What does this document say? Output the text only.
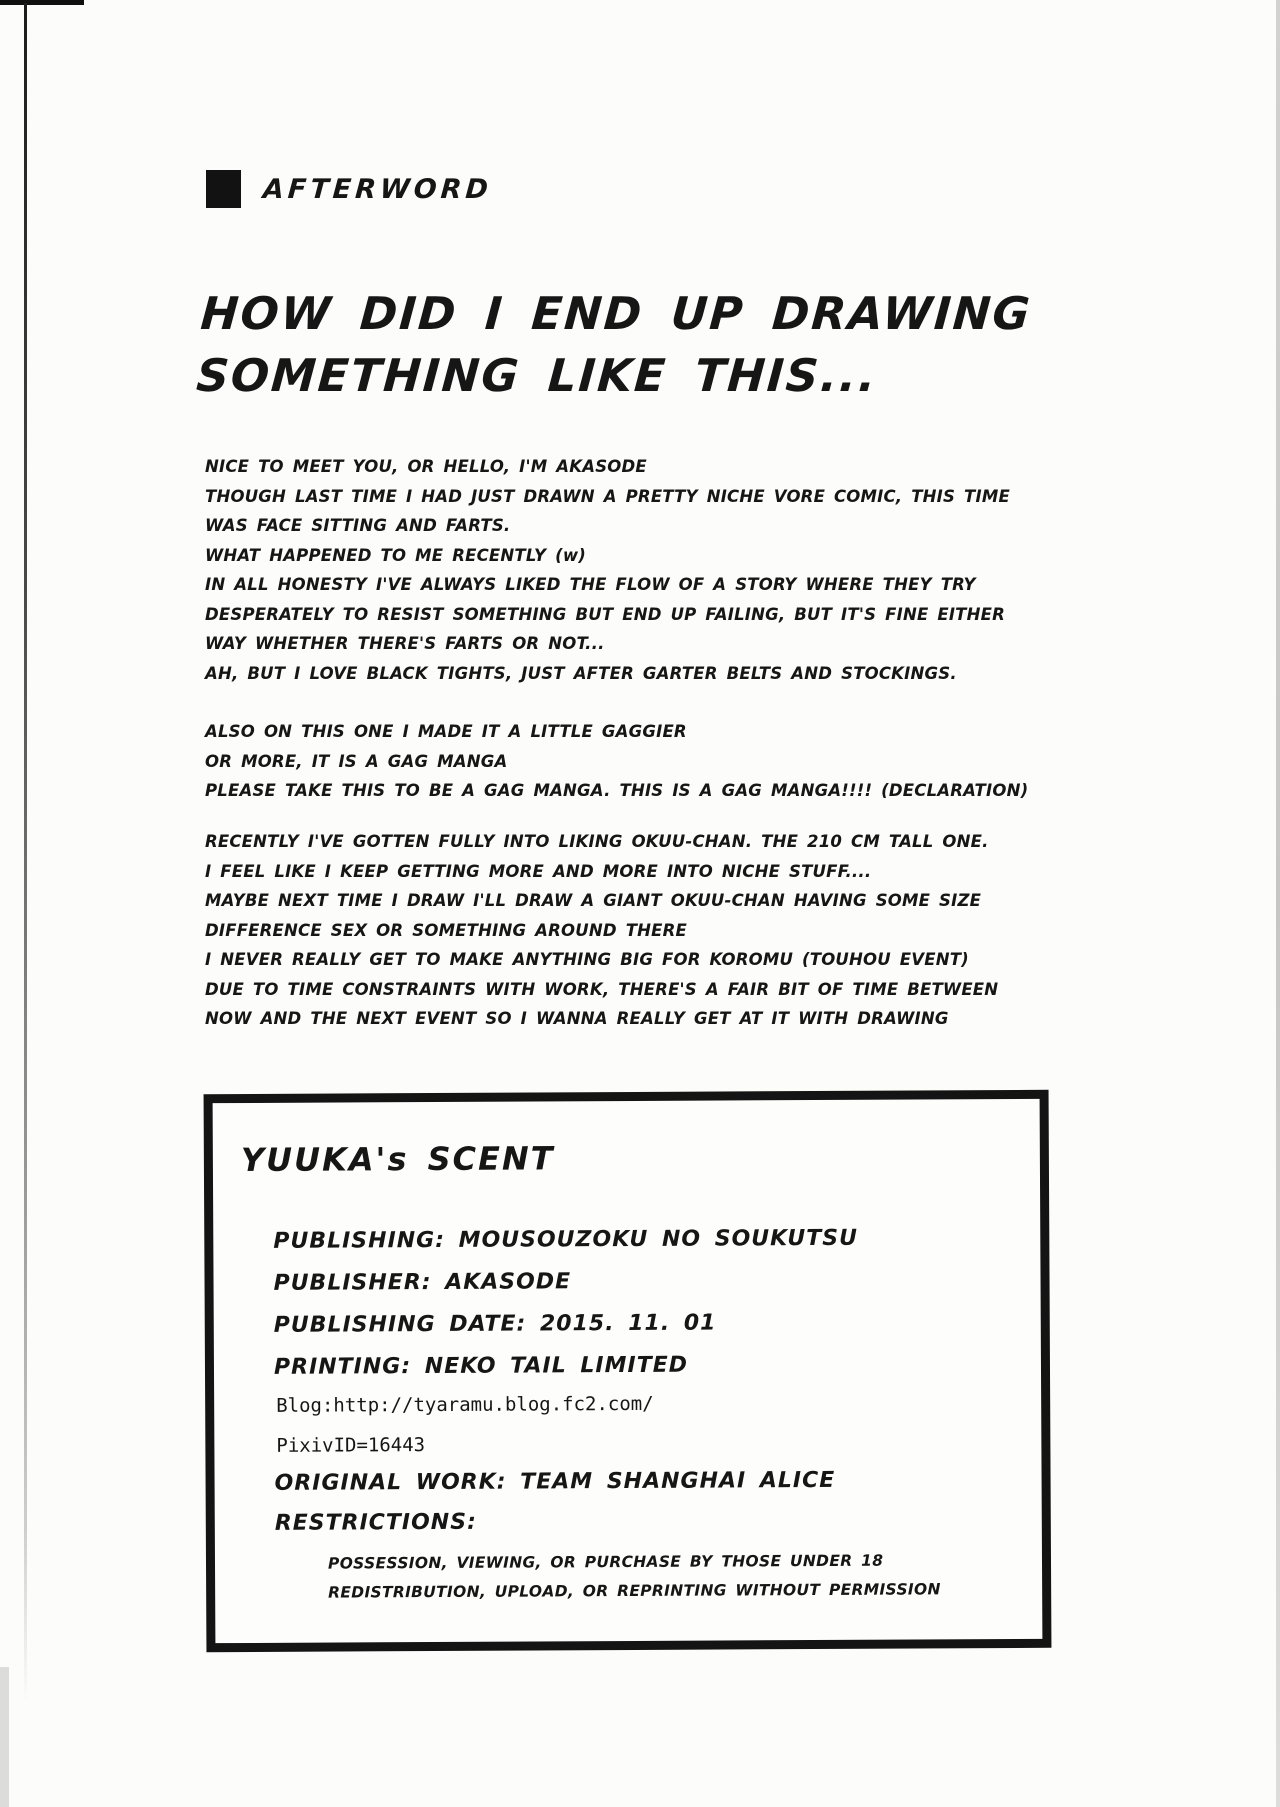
AFTERWORD
HOW DID I END UP DRAWING
SOMETHING LIKE THIS...
NICE TO MEET YOU, OR HELLO, I'M AKASODE
THOUGH LAST TIME I HAD JUST DRAWN A PRETTY NICHE VORE COMIC, THIS TIME
WAS FACE SITTING AND FARTS.
WHAT HAPPENED TO ME RECENTLY (w)
IN ALL HONESTY I'VE ALWAYS LIKED THE FLOW OF A STORY WHERE THEY TRY
DESPERATELY TO RESIST SOMETHING BUT END UP FAILING, BUT IT'S FINE EITHER
WAY WHETHER THERE'S FARTS OR NOT...
AH, BUT I LOVE BLACK TIGHTS, JUST AFTER GARTER BELTS AND STOCKINGS.
ALSO ON THIS ONE I MADE IT A LITTLE GAGGIER
OR MORE, IT IS A GAG MANGA
PLEASE TAKE THIS TO BE A GAG MANGA. THIS IS A GAG MANGA!!!! (DECLARATION)
RECENTLY I'VE GOTTEN FULLY INTO LIKING OKUU-CHAN. THE 210 CM TALL ONE.
I FEEL LIKE I KEEP GETTING MORE AND MORE INTO NICHE STUFF....
MAYBE NEXT TIME I DRAW I'LL DRAW A GIANT OKUU-CHAN HAVING SOME SIZE
DIFFERENCE SEX OR SOMETHING AROUND THERE
I NEVER REALLY GET TO MAKE ANYTHING BIG FOR KOROMU (TOUHOU EVENT)
DUE TO TIME CONSTRAINTS WITH WORK, THERE'S A FAIR BIT OF TIME BETWEEN
NOW AND THE NEXT EVENT SO I WANNA REALLY GET AT IT WITH DRAWING
YUUKA's SCENT
PUBLISHING: MOUSOUZOKU NO SOUKUTSU
PUBLISHER: AKASODE
PUBLISHING DATE: 2015. 11. 01
PRINTING: NEKO TAIL LIMITED
Blog:http://tyaramu.blog.fc2.com/
PixivID=16443
ORIGINAL WORK: TEAM SHANGHAI ALICE
RESTRICTIONS:
POSSESSION, VIEWING, OR PURCHASE BY THOSE UNDER 18
REDISTRIBUTION, UPLOAD, OR REPRINTING WITHOUT PERMISSION
